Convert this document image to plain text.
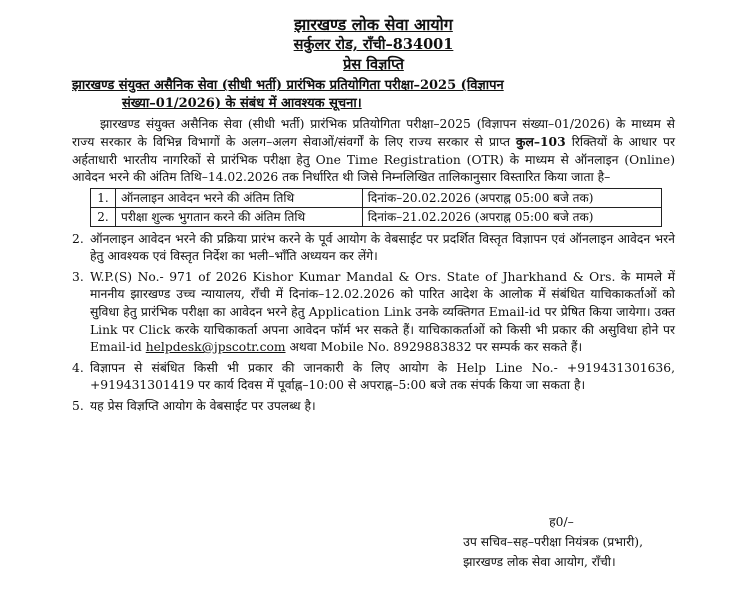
झारखण्ड लोक सेवा आयोग
सर्कुलर रोड, राँची–834001
प्रेस विज्ञप्ति
झारखण्ड संयुक्त असैनिक सेवा (सीधी भर्ती) प्रारंभिक प्रतियोगिता परीक्षा–2025 (विज्ञापन
संख्या–01/2026) के संबंध में आवश्यक सूचना।
झारखण्ड संयुक्त असैनिक सेवा (सीधी भर्ती) प्रारंभिक प्रतियोगिता परीक्षा–2025 (विज्ञापन संख्या–01/2026) के माध्यम से राज्य सरकार के विभिन्न विभागों के अलग–अलग सेवाओं/संवर्गों के लिए राज्य सरकार से प्राप्त कुल–103 रिक्तियों के आधार पर अर्हताधारी भारतीय नागरिकों से प्रारंभिक परीक्षा हेतु One Time Registration (OTR) के माध्यम से ऑनलाइन (Online) आवेदन भरने की अंतिम तिथि–14.02.2026 तक निर्धारित थी जिसे निम्नलिखित तालिकानुसार विस्तारित किया जाता है–
1.	ऑनलाइन आवेदन भरने की अंतिम तिथि	दिनांक–20.02.2026 (अपराह्न 05:00 बजे तक)
2.	परीक्षा शुल्क भुगतान करने की अंतिम तिथि	दिनांक–21.02.2026 (अपराह्न 05:00 बजे तक)
2. ऑनलाइन आवेदन भरने की प्रक्रिया प्रारंभ करने के पूर्व आयोग के वेबसाईट पर प्रदर्शित विस्तृत विज्ञापन एवं ऑनलाइन आवेदन भरने हेतु आवश्यक एवं विस्तृत निर्देश का भली–भाँति अध्ययन कर लेंगे।
3. W.P.(S) No.- 971 of 2026 Kishor Kumar Mandal & Ors. State of Jharkhand & Ors. के मामले में माननीय झारखण्ड उच्च न्यायालय, राँची में दिनांक–12.02.2026 को पारित आदेश के आलोक में संबंधित याचिकाकर्ताओं को सुविधा हेतु प्रारंभिक परीक्षा का आवेदन भरने हेतु Application Link उनके व्यक्तिगत Email-id पर प्रेषित किया जायेगा। उक्त Link पर Click करके याचिकाकर्ता अपना आवेदन फॉर्म भर सकते हैं। याचिकाकर्ताओं को किसी भी प्रकार की असुविधा होने पर Email-id helpdesk@jpscotr.com अथवा Mobile No. 8929883832 पर सम्पर्क कर सकते हैं।
4. विज्ञापन से संबंधित किसी भी प्रकार की जानकारी के लिए आयोग के Help Line No.- +919431301636, +919431301419 पर कार्य दिवस में पूर्वाह्न–10:00 से अपराह्न–5:00 बजे तक संपर्क किया जा सकता है।
5. यह प्रेस विज्ञप्ति आयोग के वेबसाईट पर उपलब्ध है।
ह0/–
उप सचिव–सह–परीक्षा नियंत्रक (प्रभारी),
झारखण्ड लोक सेवा आयोग, राँची।
